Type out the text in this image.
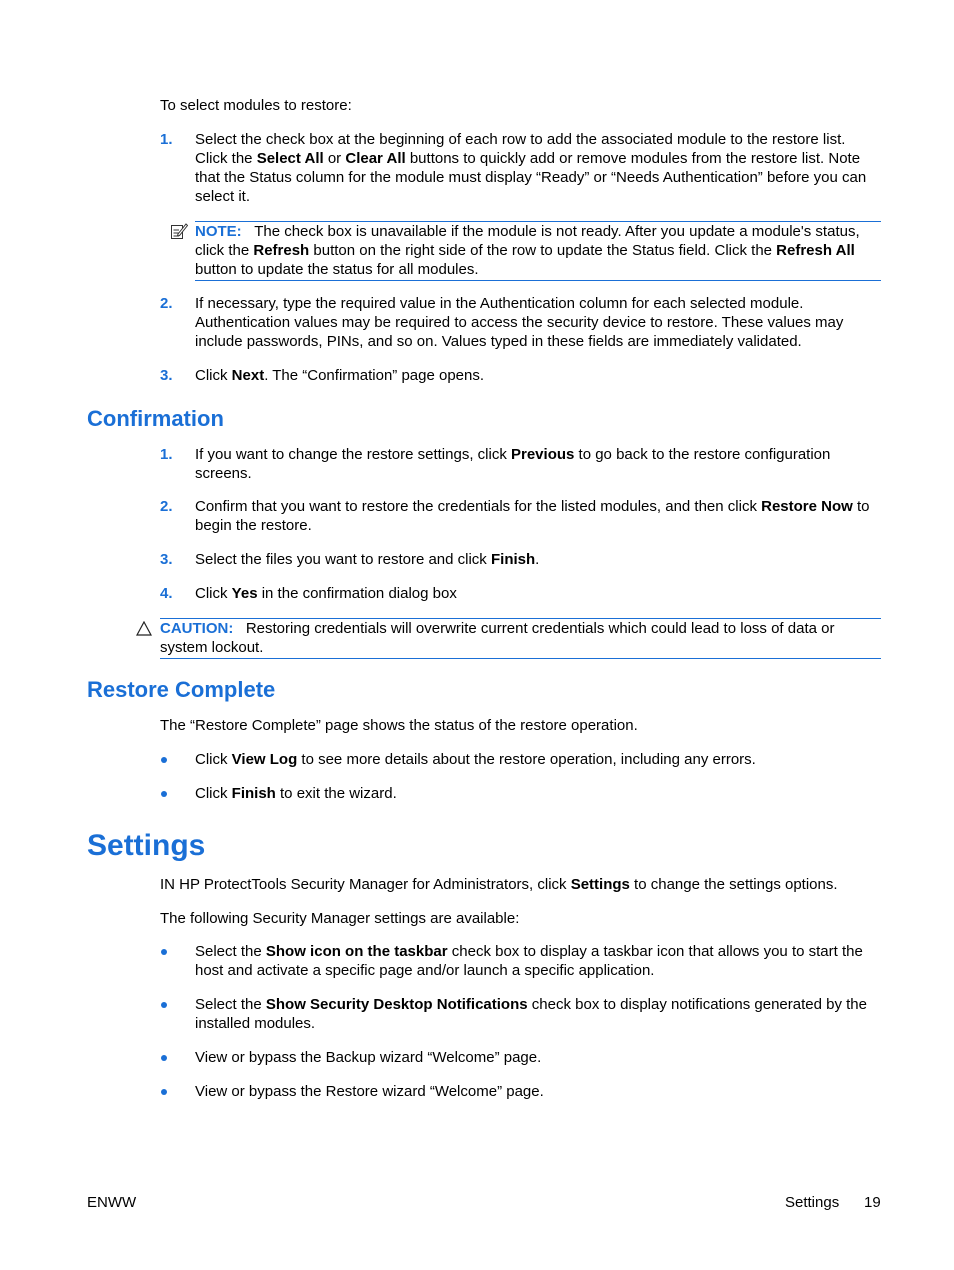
To select modules to restore:
1. Select the check box at the beginning of each row to add the associated module to the restore list. Click the Select All or Clear All buttons to quickly add or remove modules from the restore list. Note that the Status column for the module must display “Ready” or “Needs Authentication” before you can select it.
NOTE: The check box is unavailable if the module is not ready. After you update a module's status, click the Refresh button on the right side of the row to update the Status field. Click the Refresh All button to update the status for all modules.
2. If necessary, type the required value in the Authentication column for each selected module. Authentication values may be required to access the security device to restore. These values may include passwords, PINs, and so on. Values typed in these fields are immediately validated.
3. Click Next. The “Confirmation” page opens.
Confirmation
1. If you want to change the restore settings, click Previous to go back to the restore configuration screens.
2. Confirm that you want to restore the credentials for the listed modules, and then click Restore Now to begin the restore.
3. Select the files you want to restore and click Finish.
4. Click Yes in the confirmation dialog box
CAUTION: Restoring credentials will overwrite current credentials which could lead to loss of data or system lockout.
Restore Complete
The “Restore Complete” page shows the status of the restore operation.
Click View Log to see more details about the restore operation, including any errors.
Click Finish to exit the wizard.
Settings
IN HP ProtectTools Security Manager for Administrators, click Settings to change the settings options.
The following Security Manager settings are available:
Select the Show icon on the taskbar check box to display a taskbar icon that allows you to start the host and activate a specific page and/or launch a specific application.
Select the Show Security Desktop Notifications check box to display notifications generated by the installed modules.
View or bypass the Backup wizard “Welcome” page.
View or bypass the Restore wizard “Welcome” page.
ENWW	Settings 19
